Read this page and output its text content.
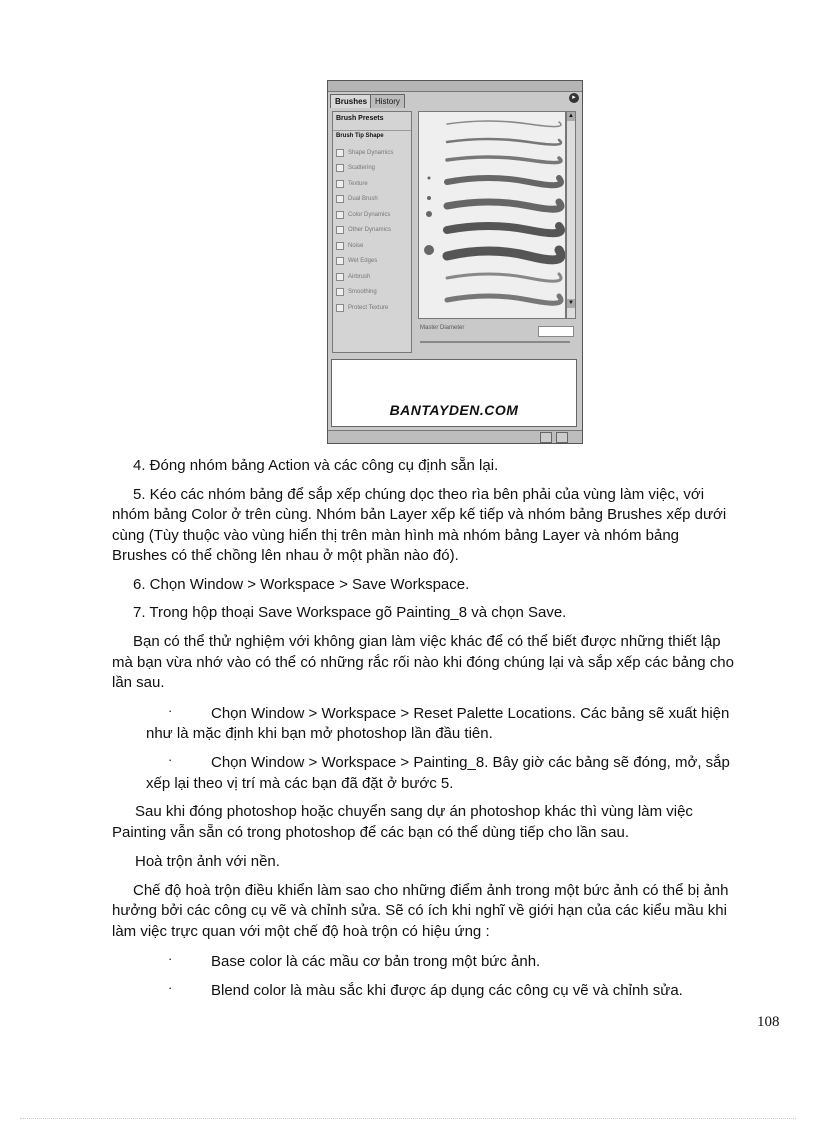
Brushes History	▸
Brush Presets
Brush Tip Shape
Shape Dynamics
Scattering
Texture
Dual Brush
Color Dynamics
Other Dynamics
Noise
Wet Edges
Airbrush
Smoothing
Protect Texture
▲
▼
Master Diameter
BANTAYDEN.COM

4. Đóng nhóm bảng Action và các công cụ định sẵn lại.

5. Kéo các nhóm bảng để sắp xếp chúng dọc theo rìa bên phải của vùng làm việc, với

nhóm bảng Color ở trên cùng. Nhóm bản Layer xếp kế tiếp và nhóm bảng Brushes xếp dưới

cùng (Tùy thuộc vào vùng hiển thị trên màn hình mà nhóm bảng Layer và nhóm bảng

Brushes có thể chồng lên nhau ở một phần nào đó).

6. Chọn Window > Workspace > Save Workspace.

7. Trong hộp thoại Save Workspace gõ Painting_8 và chọn Save.

Bạn có thể thử nghiệm với không gian làm việc khác để có thể biết được những thiết lập

mà bạn vừa nhớ vào có thể có những rắc rối nào khi đóng chúng lại và sắp xếp các bảng cho

lần sau.

·	Chọn Window > Workspace > Reset Palette Locations. Các bảng sẽ xuất hiện

như là mặc định khi bạn mở photoshop lần đầu tiên.

·	Chọn Window > Workspace > Painting_8. Bây giờ các bảng sẽ đóng, mở, sắp

xếp lại theo vị trí mà các bạn đã đặt ở bước 5.

Sau khi đóng photoshop hoặc chuyển sang dự án photoshop khác thì vùng làm việc

Painting vẫn sẵn có trong photoshop để các bạn có thể dùng tiếp cho lần sau.

Hoà trộn ảnh với nền.

Chế độ hoà trộn điều khiển làm sao cho những điểm ảnh trong một bức ảnh có thể bị ảnh

hưởng bởi các công cụ vẽ và chỉnh sửa. Sẽ có ích khi nghĩ về giới hạn của các kiểu mầu khi

làm việc trực quan với một chế độ hoà trộn có hiệu ứng :

·	Base color là các mầu cơ bản trong một bức ảnh.

·	Blend color là màu sắc khi được áp dụng các công cụ vẽ và chỉnh sửa.

108
